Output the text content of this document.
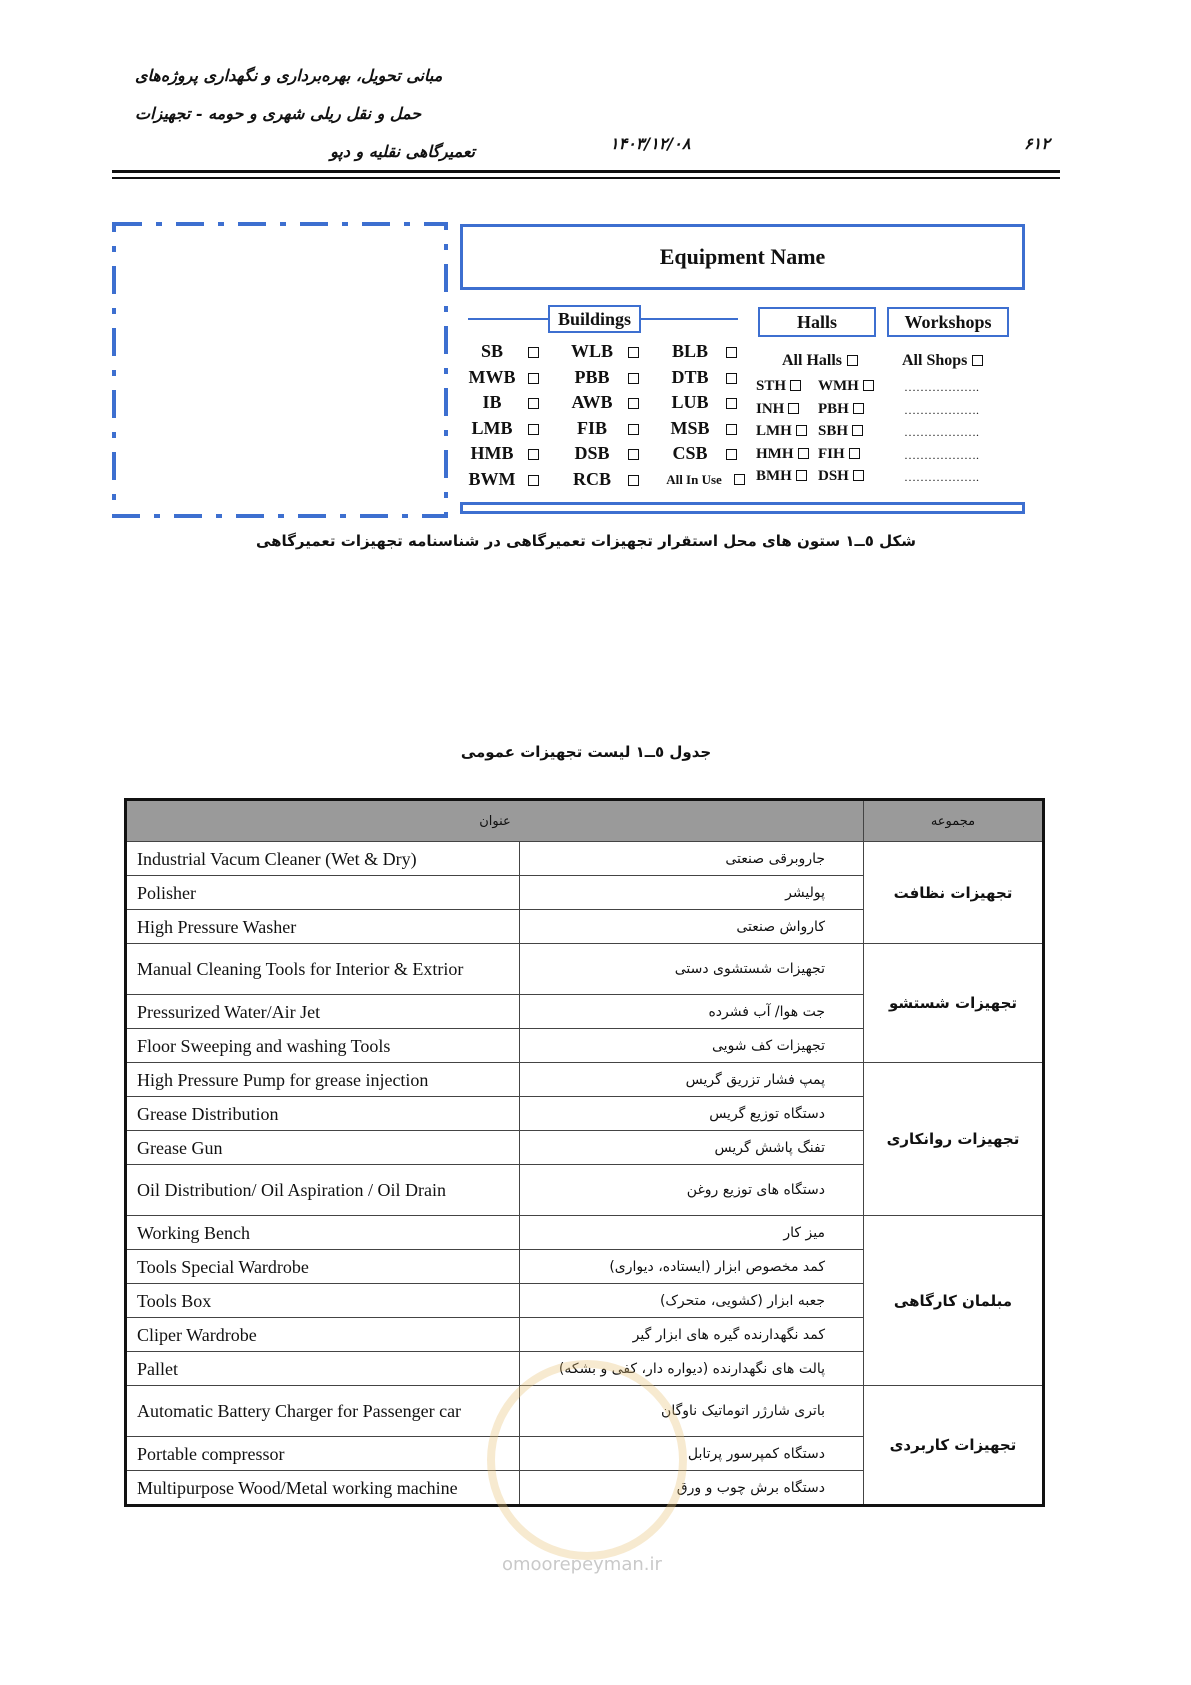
مبانی تحویل، بهره‌برداری و نگهداری پروژه‌های
حمل و نقل ریلی شهری و حومه - تجهیزات
تعمیرگاهی نقلیه و دپو	۱۴۰۳/۱۲/۰۸	۶۱۲
Equipment Name
Buildings
SB	WLB	BLB
MWB	PBB	DTB
IB	AWB	LUB
LMB	FIB	MSB
HMB	DSB	CSB
BWM	RCB	All In Use
Halls
All Halls
STH	WMH
INH	PBH
LMH	SBH
HMH	FIH
BMH	DSH
Workshops
All Shops
……………….
……………….
……………….
……………….
……………….
شکل ٥ــ١ ستون های محل استقرار تجهیزات تعمیرگاهی در شناسنامه تجهیزات تعمیرگاهی
جدول ٥ــ١ لیست تجهیزات عمومی
عنوان		مجموعه
Industrial Vacum Cleaner (Wet & Dry)	جاروبرقی صنعتی	تجهیزات نظافت
Polisher	پولیشر	
High Pressure Washer	کارواش صنعتی	
Manual Cleaning Tools for Interior & Extrior	تجهیزات شستشوی دستی	تجهیزات شستشو
Pressurized Water/Air Jet	جت هوا/ آب فشرده	
Floor Sweeping and washing Tools	تجهیزات کف شویی	
High Pressure Pump for grease injection	پمپ فشار تزریق گریس	تجهیزات روانکاری
Grease Distribution	دستگاه توزیع گریس	
Grease Gun	تفنگ پاشش گریس	
Oil Distribution/ Oil Aspiration / Oil Drain	دستگاه های توزیع روغن	
Working Bench	میز کار	مبلمان کارگاهی
Tools Special Wardrobe	کمد مخصوص ابزار (ایستاده، دیواری)	
Tools Box	جعبه ابزار (کشویی، متحرک)	
Cliper Wardrobe	کمد نگهدارنده گیره های ابزار گیر	
Pallet	پالت های نگهدارنده (دیواره دار، کفی و بشکه)	
Automatic Battery Charger for Passenger car	باتری شارژر اتوماتیک ناوگان	تجهیزات کاربردی
Portable compressor	دستگاه کمپرسور پرتابل	
Multipurpose Wood/Metal working machine	دستگاه برش چوب و ورق	
omoorepeyman.ir
